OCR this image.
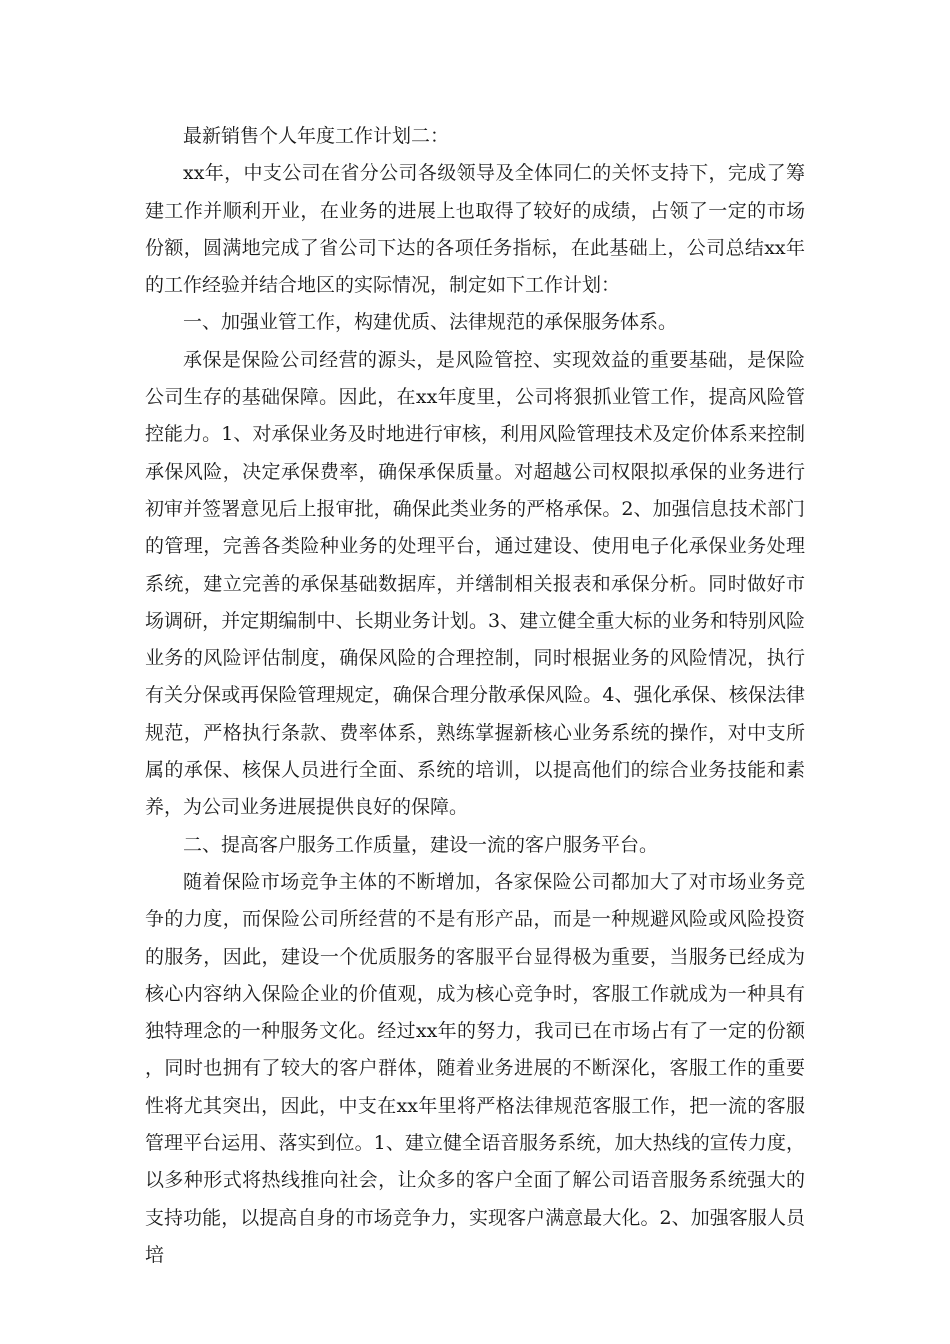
最新销售个人年度工作计划二：

xx年，中支公司在省分公司各级领导及全体同仁的关怀支持下，完成了筹建工作并顺利开业，在业务的进展上也取得了较好的成绩，占领了一定的市场份额，圆满地完成了省公司下达的各项任务指标，在此基础上，公司总结xx年的工作经验并结合地区的实际情况，制定如下工作计划：

一、加强业管工作，构建优质、法律规范的承保服务体系。

承保是保险公司经营的源头，是风险管控、实现效益的重要基础，是保险公司生存的基础保障。因此，在xx年度里，公司将狠抓业管工作，提高风险管控能力。1、对承保业务及时地进行审核，利用风险管理技术及定价体系来控制承保风险，决定承保费率，确保承保质量。对超越公司权限拟承保的业务进行初审并签署意见后上报审批，确保此类业务的严格承保。2、加强信息技术部门的管理，完善各类险种业务的处理平台，通过建设、使用电子化承保业务处理系统，建立完善的承保基础数据库，并缮制相关报表和承保分析。同时做好市场调研，并定期编制中、长期业务计划。3、建立健全重大标的业务和特别风险业务的风险评估制度，确保风险的合理控制，同时根据业务的风险情况，执行有关分保或再保险管理规定，确保合理分散承保风险。4、强化承保、核保法律规范，严格执行条款、费率体系，熟练掌握新核心业务系统的操作，对中支所属的承保、核保人员进行全面、系统的培训，以提高他们的综合业务技能和素养，为公司业务进展提供良好的保障。

二、提高客户服务工作质量，建设一流的客户服务平台。

随着保险市场竞争主体的不断增加，各家保险公司都加大了对市场业务竞争的力度，而保险公司所经营的不是有形产品，而是一种规避风险或风险投资的服务，因此，建设一个优质服务的客服平台显得极为重要，当服务已经成为核心内容纳入保险企业的价值观，成为核心竞争时，客服工作就成为一种具有独特理念的一种服务文化。经过xx年的努力，我司已在市场占有了一定的份额，同时也拥有了较大的客户群体，随着业务进展的不断深化，客服工作的重要性将尤其突出，因此，中支在xx年里将严格法律规范客服工作，把一流的客服管理平台运用、落实到位。1、建立健全语音服务系统，加大热线的宣传力度，以多种形式将热线推向社会，让众多的客户全面了解公司语音服务系统强大的支持功能，以提高自身的市场竞争力，实现客户满意最大化。2、加强客服人员培
